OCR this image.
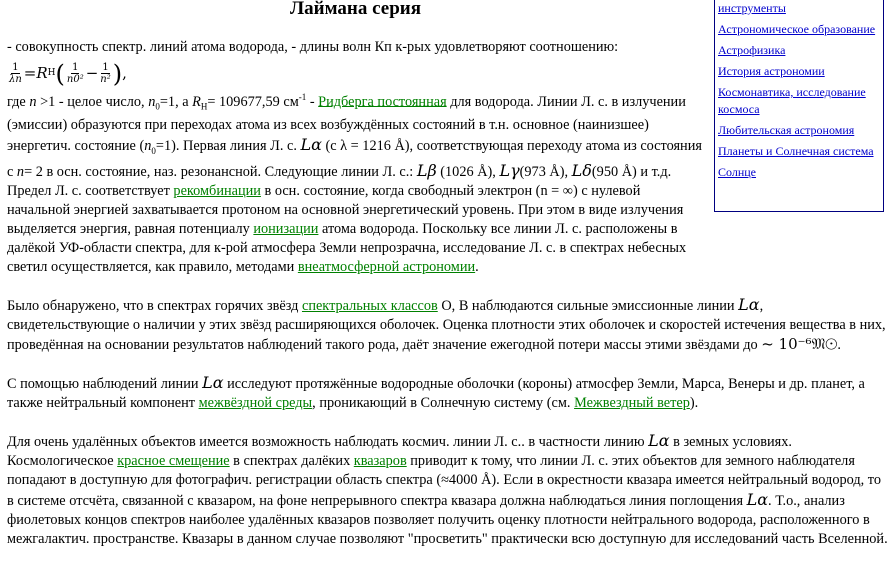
Лаймана серия	инструменты
Астрономическое образование
Астрофизика
История астрономии
Космонавтика, исследование космоса
Любительская астрономия
Планеты и Солнечная система
Солнце

- совокупность спектр. линий атома водорода, - длины волн Кп к-рых удовлетворяют соотношению:

$\frac{1}{\lambda n} = R$ H ( $\frac{1}{\text{n0²}} - \frac{1}{\text{n²}}$ ) ,

где n >1 - целое число, $n_0=1$, а $R_H= 109677,59$ $см^{-1}$ - Ридберга постоянная для водорода. Линии Л. с. в излучении (эмиссии) образуются при переходах атома из всех возбуждённых состояний в т.н. основное (наинизшее) энергетич. состояние $(n_0=1)$. Первая линия Л. с. Lα (с λ = 1216 Å), соответствующая переходу атома из состояния с n= 2 в осн. состояние, наз. резонансной. Следующие линии Л. с.: Lβ (1026 Å), Lγ(973 Å), Lδ(950 Å) и т.д. Предел Л. с. соответствует рекомбинации в осн. состояние, когда свободный электрон (n = ∞) с нулевой начальной энергией захватывается протоном на основной энергетический уровень. При этом в виде излучения выделяется энергия, равная потенциалу ионизации атома водорода. Поскольку все линии Л. с. расположены в далёкой УФ-области спектра, для к-рой атмосфера Земли непрозрачна, исследование Л. с. в спектрах небесных светил осуществляется, как правило, методами внеатмосферной астрономии.

Было обнаружено, что в спектрах горячих звёзд спектральных классов О, В наблюдаются сильные эмиссионные линии Lα, свидетельствующие о наличии у этих звёзд расширяющихся оболочек. Оценка плотности этих оболочек и скоростей истечения вещества в них, проведённая на основании результатов наблюдений такого рода, даёт значение ежегодной потери массы этими звёздами до ~ 10⁻⁶𝔐☉.

С помощью наблюдений линии Lα исследуют протяжённые водородные оболочки (короны) атмосфер Земли, Марса, Венеры и др. планет, а также нейтральный компонент межвёздной среды, проникающий в Солнечную систему (см. Межвездный ветер).

Для очень удалённых объектов имеется возможность наблюдать космич. линии Л. с.. в частности линию Lα в земных условиях. Космологическое красное смещение в спектрах далёких квазаров приводит к тому, что линии Л. с. этих объектов для земного наблюдателя попадают в доступную для фотографич. регистрации область спектра (≈4000 Å). Если в окрестности квазара имеется нейтральный водород, то в системе отсчёта, связанной с квазаром, на фоне непрерывного спектра квазара должна наблюдаться линия поглощения Lα. Т.о., анализ фиолетовых концов спектров наиболее удалённых квазаров позволяет получить оценку плотности нейтрального водорода, расположенного в межгалактич. пространстве. Квазары в данном случае позволяют "просветить" практически всю доступную для исследований часть Вселенной.
